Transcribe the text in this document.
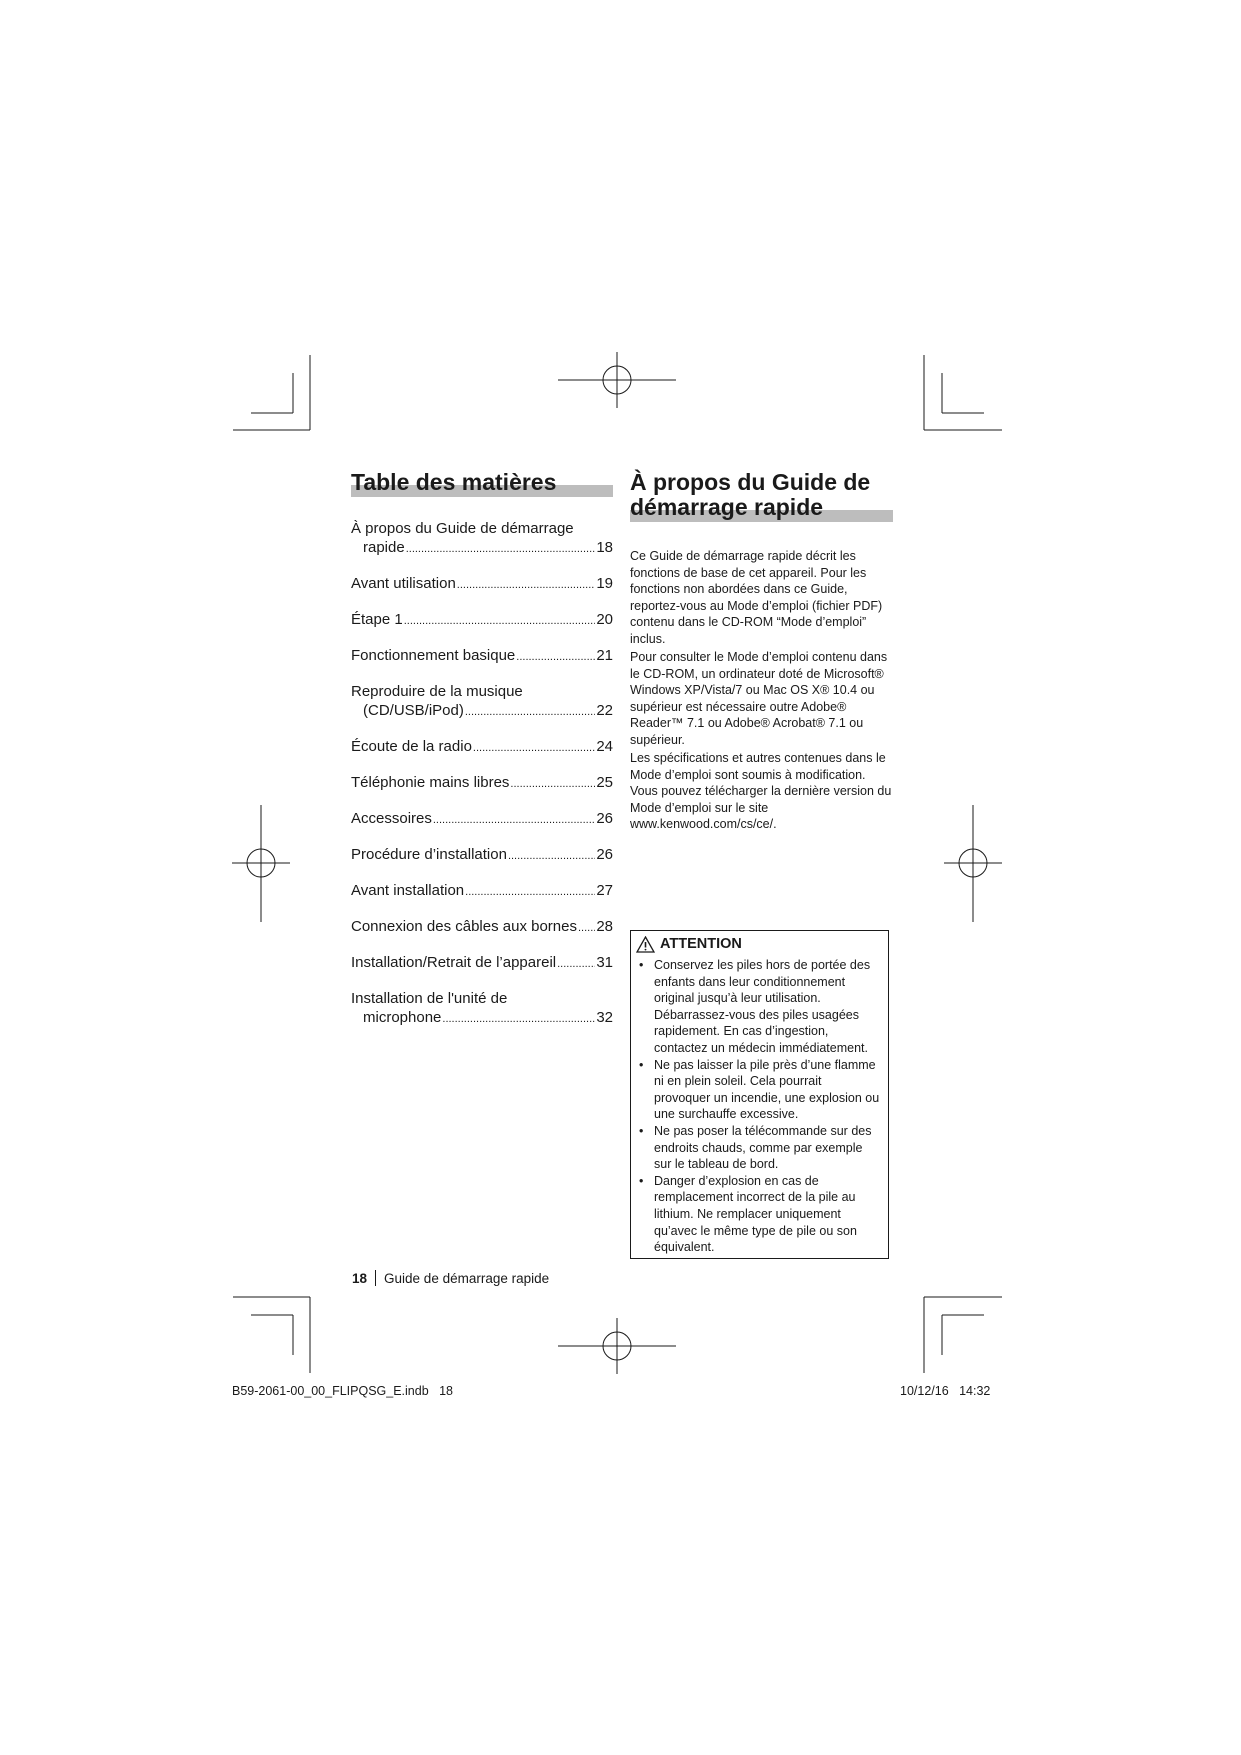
Table des matières
À propos du Guide de démarrage
rapide .....	18
Avant utilisation .....	19
Étape 1 .....	20
Fonctionnement basique .....	21
Reproduire de la musique
(CD/USB/iPod) .....	22
Écoute de la radio .....	24
Téléphonie mains libres .....	25
Accessoires .....	26
Procédure d’installation .....	26
Avant installation .....	27
Connexion des câbles aux bornes ..... 28
Installation/Retrait de l’appareil .....	31
Installation de l'unité de
microphone .....	32
À propos du Guide de
démarrage rapide

Ce Guide de démarrage rapide décrit les fonctions de base de cet appareil. Pour les fonctions non abordées dans ce Guide, reportez-vous au Mode d’emploi (fichier PDF) contenu dans le CD-ROM “Mode d’emploi” inclus.

Pour consulter le Mode d’emploi contenu dans le CD-ROM, un ordinateur doté de Microsoft® Windows XP/Vista/7 ou Mac OS X® 10.4 ou supérieur est nécessaire outre Adobe® Reader™ 7.1 ou Adobe® Acrobat® 7.1 ou supérieur.

Les spécifications et autres contenues dans le Mode d’emploi sont soumis à modification. Vous pouvez télécharger la dernière version du Mode d’emploi sur le site www.kenwood.com/cs/ce/.

ATTENTION
• Conservez les piles hors de portée des enfants dans leur conditionnement original jusqu’à leur utilisation. Débarrassez-vous des piles usagées rapidement. En cas d’ingestion, contactez un médecin immédiatement.
• Ne pas laisser la pile près d’une flamme ni en plein soleil. Cela pourrait provoquer un incendie, une explosion ou une surchauffe excessive.
• Ne pas poser la télécommande sur des endroits chauds, comme par exemple sur le tableau de bord.
• Danger d’explosion en cas de remplacement incorrect de la pile au lithium. Ne remplacer uniquement qu’avec le même type de pile ou son équivalent.
18 Guide de démarrage rapide
B59-2061-00_00_FLIPQSG_E.indb   18	10/12/16   14:32
